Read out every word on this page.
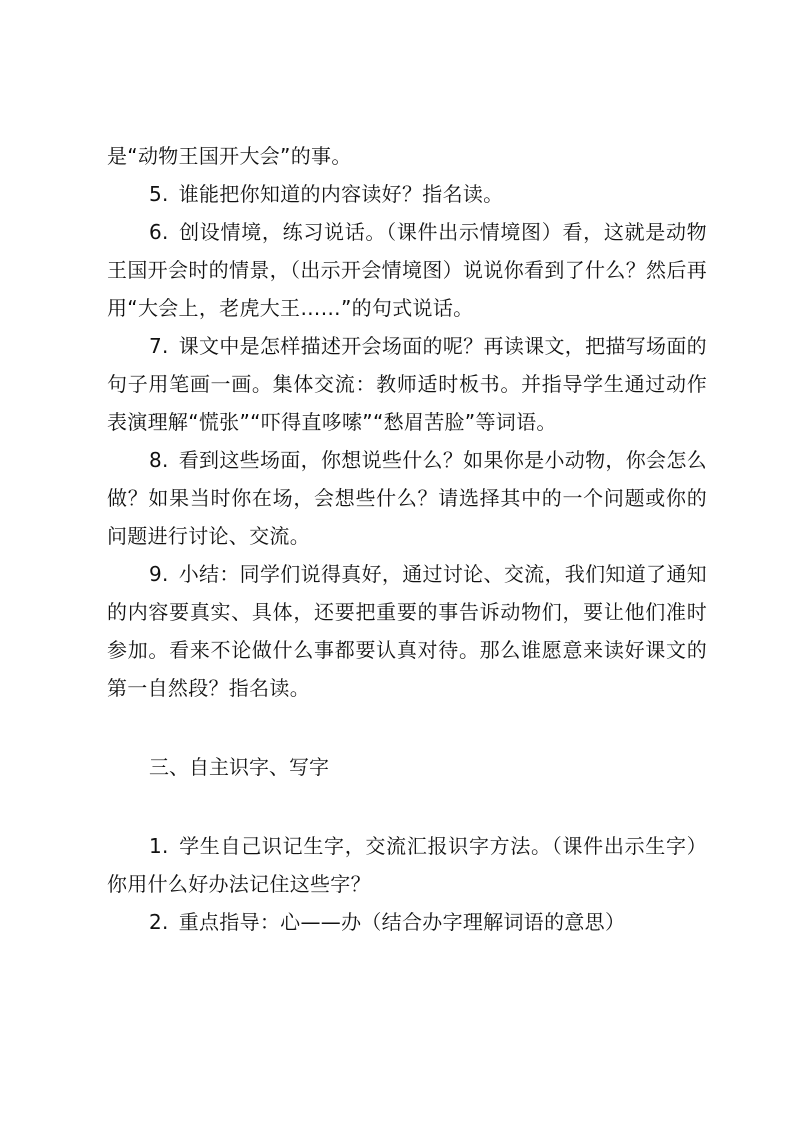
是“动物王国开大会”的事。

5. 谁能把你知道的内容读好？指名读。

6. 创设情境，练习说话。（课件出示情境图）看，这就是动物王国开会时的情景，（出示开会情境图）说说你看到了什么？然后再用“大会上，老虎大王……”的句式说话。

7. 课文中是怎样描述开会场面的呢？再读课文，把描写场面的句子用笔画一画。集体交流：教师适时板书。并指导学生通过动作表演理解“慌张”“吓得直哆嗦”“愁眉苦脸”等词语。

8. 看到这些场面，你想说些什么？如果你是小动物，你会怎么做？如果当时你在场，会想些什么？请选择其中的一个问题或你的问题进行讨论、交流。

9. 小结：同学们说得真好，通过讨论、交流，我们知道了通知的内容要真实、具体，还要把重要的事告诉动物们，要让他们准时参加。看来不论做什么事都要认真对待。那么谁愿意来读好课文的第一自然段？指名读。

三、自主识字、写字

1. 学生自己识记生字，交流汇报识字方法。（课件出示生字）你用什么好办法记住这些字？

2. 重点指导：心——办（结合办字理解词语的意思）
